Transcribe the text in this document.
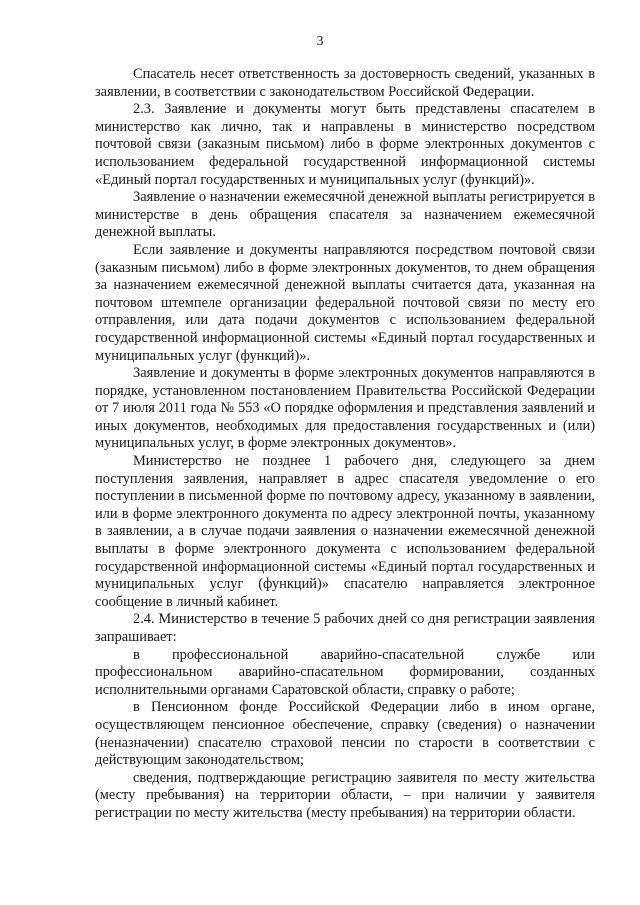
3

Спасатель несет ответственность за достоверность сведений, указанных в заявлении, в соответствии с законодательством Российской Федерации.

2.3. Заявление и документы могут быть представлены спасателем в министерство как лично, так и направлены в министерство посредством почтовой связи (заказным письмом) либо в форме электронных документов с использованием федеральной государственной информационной системы «Единый портал государственных и муниципальных услуг (функций)».

Заявление о назначении ежемесячной денежной выплаты регистрируется в министерстве в день обращения спасателя за назначением ежемесячной денежной выплаты.

Если заявление и документы направляются посредством почтовой связи (заказным письмом) либо в форме электронных документов, то днем обращения за назначением ежемесячной денежной выплаты считается дата, указанная на почтовом штемпеле организации федеральной почтовой связи по месту его отправления, или дата подачи документов с использованием федеральной государственной информационной системы «Единый портал государственных и муниципальных услуг (функций)».

Заявление и документы в форме электронных документов направляются в порядке, установленном постановлением Правительства Российской Федерации от 7 июля 2011 года № 553 «О порядке оформления и представления заявлений и иных документов, необходимых для предоставления государственных и (или) муниципальных услуг, в форме электронных документов».

Министерство не позднее 1 рабочего дня, следующего за днем поступления заявления, направляет в адрес спасателя уведомление о его поступлении в письменной форме по почтовому адресу, указанному в заявлении, или в форме электронного документа по адресу электронной почты, указанному в заявлении, а в случае подачи заявления о назначении ежемесячной денежной выплаты в форме электронного документа с использованием федеральной государственной информационной системы «Единый портал государственных и муниципальных услуг (функций)» спасателю направляется электронное сообщение в личный кабинет.

2.4. Министерство в течение 5 рабочих дней со дня регистрации заявления запрашивает:

в профессиональной аварийно-спасательной службе или профессиональном аварийно-спасательном формировании, созданных исполнительными органами Саратовской области, справку о работе;

в Пенсионном фонде Российской Федерации либо в ином органе, осуществляющем пенсионное обеспечение, справку (сведения) о назначении (неназначении) спасателю страховой пенсии по старости в соответствии с действующим законодательством;

сведения, подтверждающие регистрацию заявителя по месту жительства (месту пребывания) на территории области, – при наличии у заявителя регистрации по месту жительства (месту пребывания) на территории области.
